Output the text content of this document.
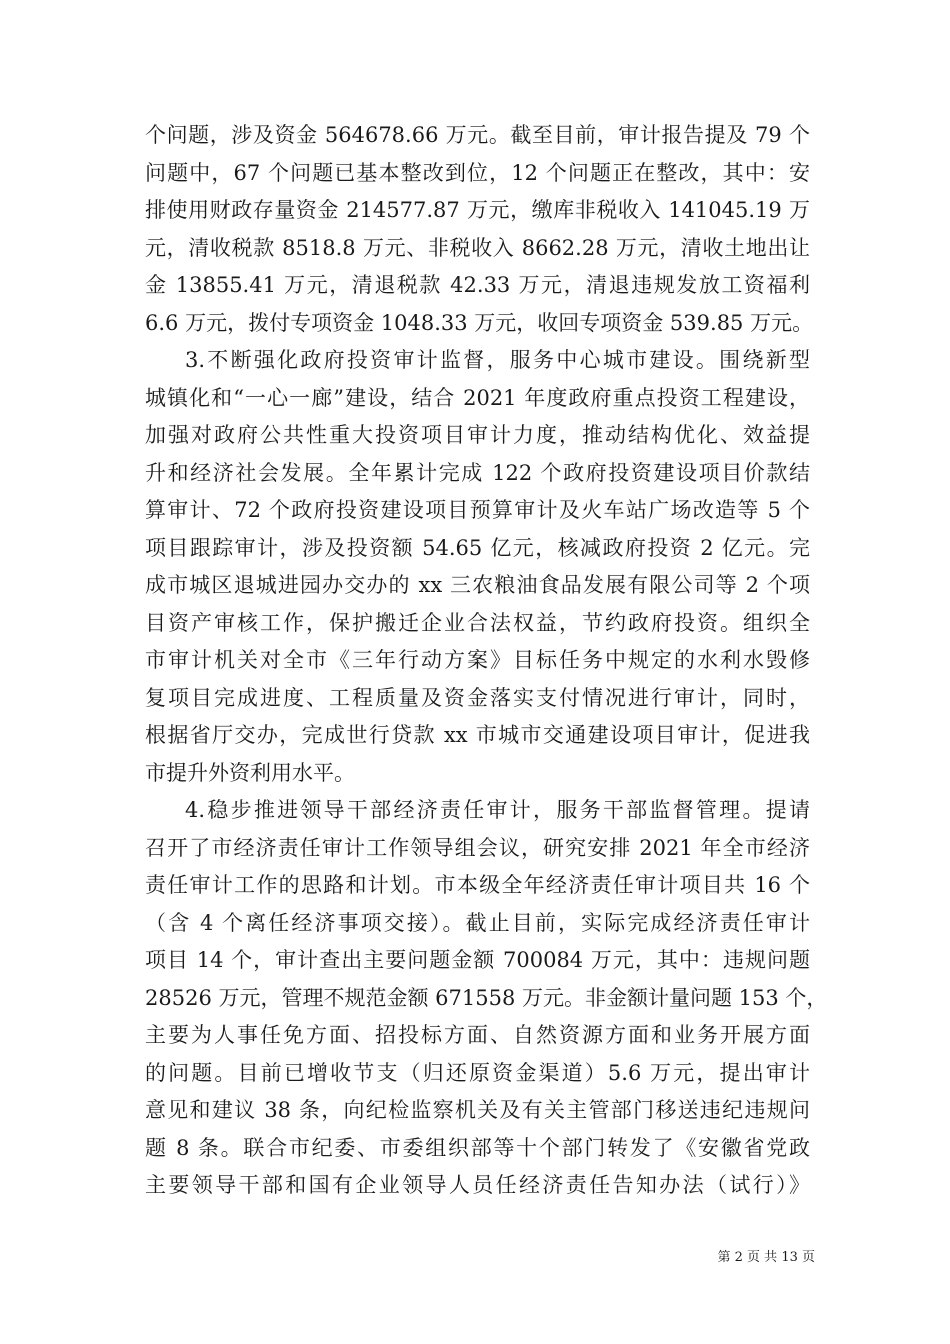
个问题，涉及资金 564678.66 万元。截至目前，审计报告提及 79 个
问题中，67 个问题已基本整改到位，12 个问题正在整改，其中：安
排使用财政存量资金 214577.87 万元，缴库非税收入 141045.19 万
元，清收税款 8518.8 万元、非税收入 8662.28 万元，清收土地出让
金 13855.41 万元，清退税款 42.33 万元，清退违规发放工资福利
6.6 万元，拨付专项资金 1048.33 万元，收回专项资金 539.85 万元。
3.不断强化政府投资审计监督，服务中心城市建设。围绕新型
城镇化和“一心一廊”建设，结合 2021 年度政府重点投资工程建设，
加强对政府公共性重大投资项目审计力度，推动结构优化、效益提
升和经济社会发展。全年累计完成 122 个政府投资建设项目价款结
算审计、72 个政府投资建设项目预算审计及火车站广场改造等 5 个
项目跟踪审计，涉及投资额 54.65 亿元，核减政府投资 2 亿元。完
成市城区退城进园办交办的 xx 三农粮油食品发展有限公司等 2 个项
目资产审核工作，保护搬迁企业合法权益，节约政府投资。组织全
市审计机关对全市《三年行动方案》目标任务中规定的水利水毁修
复项目完成进度、工程质量及资金落实支付情况进行审计，同时，
根据省厅交办，完成世行贷款 xx 市城市交通建设项目审计，促进我
市提升外资利用水平。
4.稳步推进领导干部经济责任审计，服务干部监督管理。提请
召开了市经济责任审计工作领导组会议，研究安排 2021 年全市经济
责任审计工作的思路和计划。市本级全年经济责任审计项目共 16 个
（含 4 个离任经济事项交接）。截止目前，实际完成经济责任审计
项目 14 个，审计查出主要问题金额 700084 万元，其中：违规问题
28526 万元，管理不规范金额 671558 万元。非金额计量问题 153 个，
主要为人事任免方面、招投标方面、自然资源方面和业务开展方面
的问题。目前已增收节支（归还原资金渠道）5.6 万元，提出审计
意见和建议 38 条，向纪检监察机关及有关主管部门移送违纪违规问
题 8 条。联合市纪委、市委组织部等十个部门转发了《安徽省党政
主要领导干部和国有企业领导人员任经济责任告知办法（试行）》
第 2 页 共 13 页
